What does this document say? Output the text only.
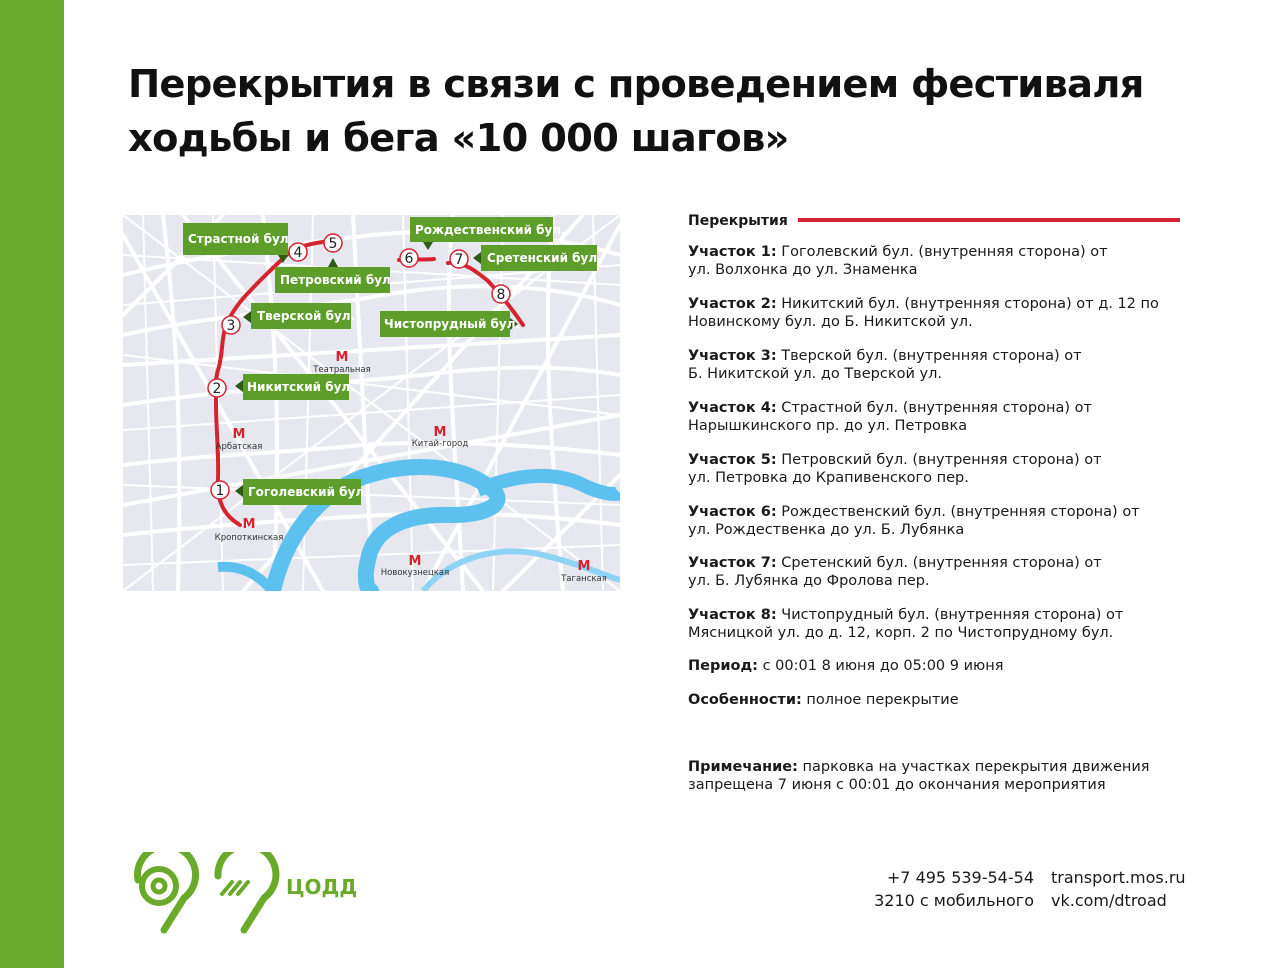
Перекрытия в связи с проведением фестиваля
ходьбы и бега «10 000 шагов»
1
2
3
4
5
6	7
8
Страстной бул.
Петровский бул.
Тверской бул.
Никитский бул.
Гоголевский бул.
Рождественский бул.
Сретенский бул.
Чистопрудный бул.
M
Театральная
M
Арбатская
M
Китай-город
M
Кропоткинская
M
Новокузнецкая	M
Таганская
Перекрытия
Участок 1: Гоголевский бул. (внутренняя сторона) от
ул. Волхонка до ул. Знаменка
Участок 2: Никитский бул. (внутренняя сторона) от д. 12 по
Новинскому бул. до Б. Никитской ул.
Участок 3: Тверской бул. (внутренняя сторона) от
Б. Никитской ул. до Тверской ул.
Участок 4: Страстной бул. (внутренняя сторона) от
Нарышкинского пр. до ул. Петровка
Участок 5: Петровский бул. (внутренняя сторона) от
ул. Петровка до Крапивенского пер.
Участок 6: Рождественский бул. (внутренняя сторона) от
ул. Рождественка до ул. Б. Лубянка
Участок 7: Сретенский бул. (внутренняя сторона) от
ул. Б. Лубянка до Фролова пер.
Участок 8: Чистопрудный бул. (внутренняя сторона) от
Мясницкой ул. до д. 12, корп. 2 по Чистопрудному бул.
Период: с 00:01 8 июня до 05:00 9 июня
Особенности: полное перекрытие
Примечание: парковка на участках перекрытия движения
запрещена 7 июня с 00:01 до окончания мероприятия
ЦОДД	+7 495 539-54-54
3210 с мобильного
transport.mos.ru
vk.com/dtroad
